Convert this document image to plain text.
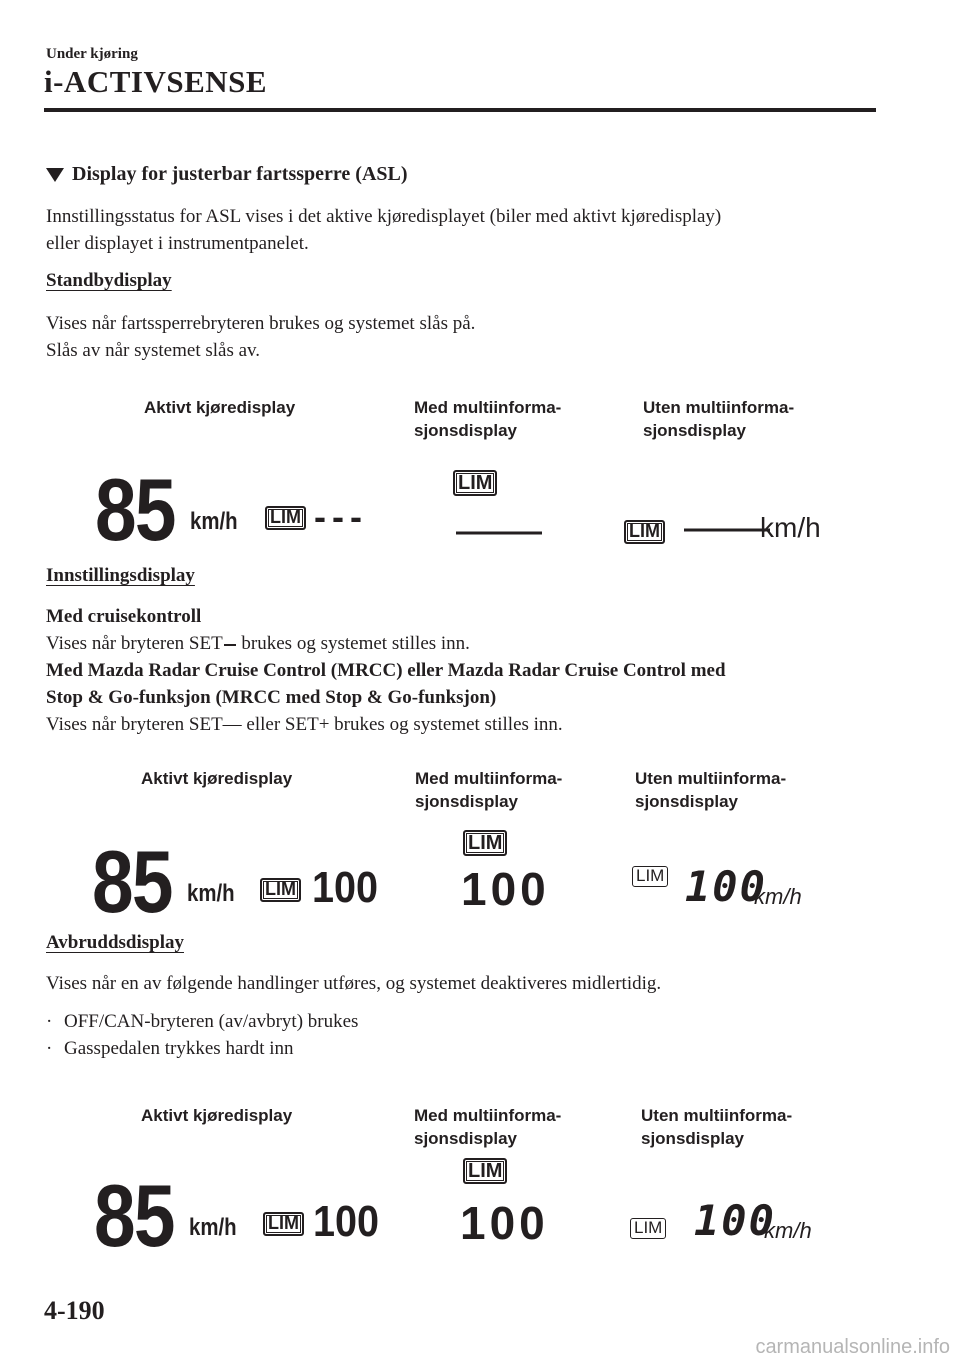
Under kjøring
i-ACTIVSENSE
Display for justerbar fartssperre (ASL)
Innstillingsstatus for ASL vises i det aktive kjøredisplayet (biler med aktivt kjøredisplay)
eller displayet i instrumentpanelet.
Standbydisplay
Vises når fartssperrebryteren brukes og systemet slås på.
Slås av når systemet slås av.
Aktivt kjøredisplay	Med multiinforma-
sjonsdisplay
Uten multiinforma-
sjonsdisplay
85 km/h LIM ---
LIM
———	LIM ———
km/h
Innstillingsdisplay
Med cruisekontroll
Vises når bryteren SET brukes og systemet stilles inn.
Med Mazda Radar Cruise Control (MRCC) eller Mazda Radar Cruise Control med
Stop & Go-funksjon (MRCC med Stop & Go-funksjon)
Vises når bryteren SET— eller SET+ brukes og systemet stilles inn.
Aktivt kjøredisplay	Med multiinforma-
sjonsdisplay
Uten multiinforma-
sjonsdisplay
85 km/h LIM 100
LIM
100	LIM 100
km/h
Avbruddsdisplay
Vises når en av følgende handlinger utføres, og systemet deaktiveres midlertidig.
· OFF/CAN-bryteren (av/avbryt) brukes
· Gasspedalen trykkes hardt inn
Aktivt kjøredisplay	Med multiinforma-
sjonsdisplay
Uten multiinforma-
sjonsdisplay
85 km/h LIM 100
LIM
100	LIM 100
km/h
4-190
carmanualsonline.info
